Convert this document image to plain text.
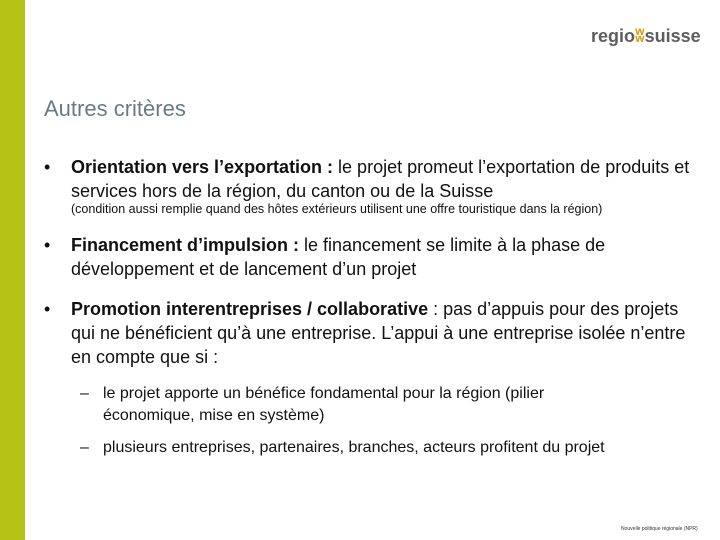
regioʬsuisse
Autres critères
• Orientation vers l’exportation : le projet promeut l’exportation de produits et services hors de la région, du canton ou de la Suisse
(condition aussi remplie quand des hôtes extérieurs utilisent une offre touristique dans la région)
• Financement d’impulsion : le financement se limite à la phase de développement et de lancement d’un projet
• Promotion interentreprises / collaborative : pas d’appuis pour des projets qui ne bénéficient qu’à une entreprise. L’appui à une entreprise isolée n’entre en compte que si :
– le projet apporte un bénéfice fondamental pour la région (pilier économique, mise en système)
– plusieurs entreprises, partenaires, branches, acteurs profitent du projet
Nouvelle politique régionale (NPR)
